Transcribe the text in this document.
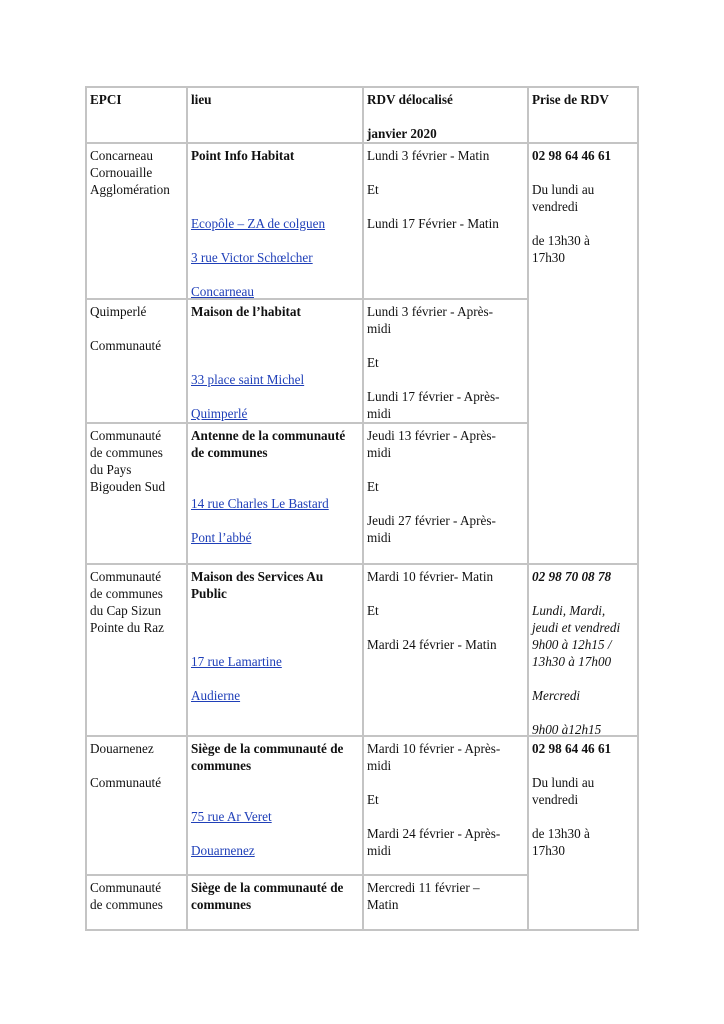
EPCI	lieu	RDV délocalisé

janvier 2020

Prise de RDV

Concarneau

Cornouaille

Agglomération

Point Info Habitat

Ecopôle – ZA de colguen

3 rue Victor Schœlcher

Concarneau

Lundi 3 février - Matin

Et

Lundi 17 Février - Matin

02 98 64 46 61

Du lundi au

vendredi

de 13h30 à

17h30

Quimperlé

Communauté

Maison de l’habitat

33 place saint Michel

Quimperlé

Lundi 3 février - Après-

midi

Et

Lundi 17 février - Après-

midi

Communauté

de communes

du Pays

Bigouden Sud

Antenne de la communauté

de communes

14 rue Charles Le Bastard

Pont l’abbé

Jeudi 13 février - Après-

midi

Et

Jeudi 27 février - Après-

midi

Communauté

de communes

du Cap Sizun

Pointe du Raz

Maison des Services Au

Public

17 rue Lamartine

Audierne

Mardi 10 février- Matin

Et

Mardi 24 février - Matin

02 98 70 08 78

Lundi, Mardi,

jeudi et vendredi

9h00 à 12h15 /

13h30 à 17h00

Mercredi

9h00 à12h15

Douarnenez

Communauté

Siège de la communauté de

communes

75 rue Ar Veret

Douarnenez

Mardi 10 février - Après-

midi

Et

Mardi 24 février - Après-

midi

02 98 64 46 61

Du lundi au

vendredi

de 13h30 à

17h30

Communauté

de communes

Siège de la communauté de

communes

Mercredi 11 février –

Matin
